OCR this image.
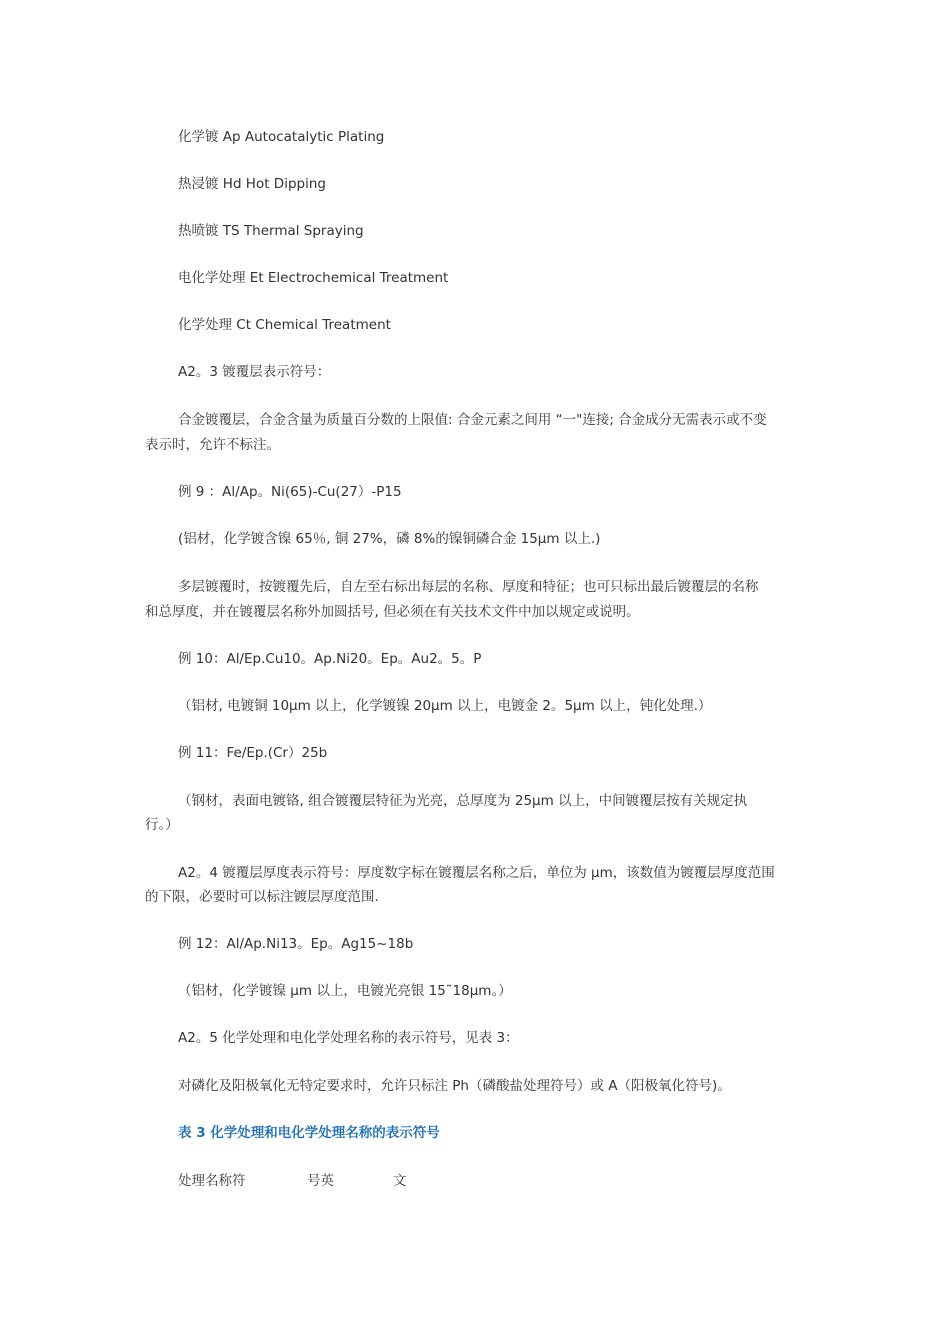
化学镀 Ap Autocatalytic Plating
热浸镀 Hd Hot Dipping
热喷镀 TS Thermal Spraying
电化学处理 Et Electrochemical Treatment
化学处理 Ct Chemical Treatment
A2。3 镀覆层表示符号：
合金镀覆层，合金含量为质量百分数的上限值: 合金元素之间用 “一"连接; 合金成分无需表示或不变
表示时，允许不标注。
例 9 ：Al/Ap。Ni(65)-Cu(27）-P15
(铝材，化学镀含镍 65％, 铜 27%，磷 8%的镍铜磷合金 15μm 以上.)
多层镀覆时，按镀覆先后，自左至右标出每层的名称、厚度和特征；也可只标出最后镀覆层的名称
和总厚度，并在镀覆层名称外加圆括号, 但必须在有关技术文件中加以规定或说明。
例 10：Al/Ep.Cu10。Ap.Ni20。Ep。Au2。5。P
（铝材, 电镀铜 10μm 以上，化学镀镍 20μm 以上，电镀金 2。5μm 以上，钝化处理.）
例 11：Fe/Ep.(Cr）25b
（钢材，表面电镀铬, 组合镀覆层特征为光亮，总厚度为 25μm 以上，中间镀覆层按有关规定执
行。）
A2。4 镀覆层厚度表示符号：厚度数字标在镀覆层名称之后，单位为 μm，该数值为镀覆层厚度范围
的下限，必要时可以标注镀层厚度范围.
例 12：Al/Ap.Ni13。Ep。Ag15~18b
（铝材，化学镀镍 μm 以上，电镀光亮银 15˜18μm。）
A2。5 化学处理和电化学处理名称的表示符号，见表 3：
对磷化及阳极氧化无特定要求时，允许只标注 Ph（磷酸盐处理符号）或 A（阳极氧化符号)。
表 3 化学处理和电化学处理名称的表示符号
处理名称符	号英	文
